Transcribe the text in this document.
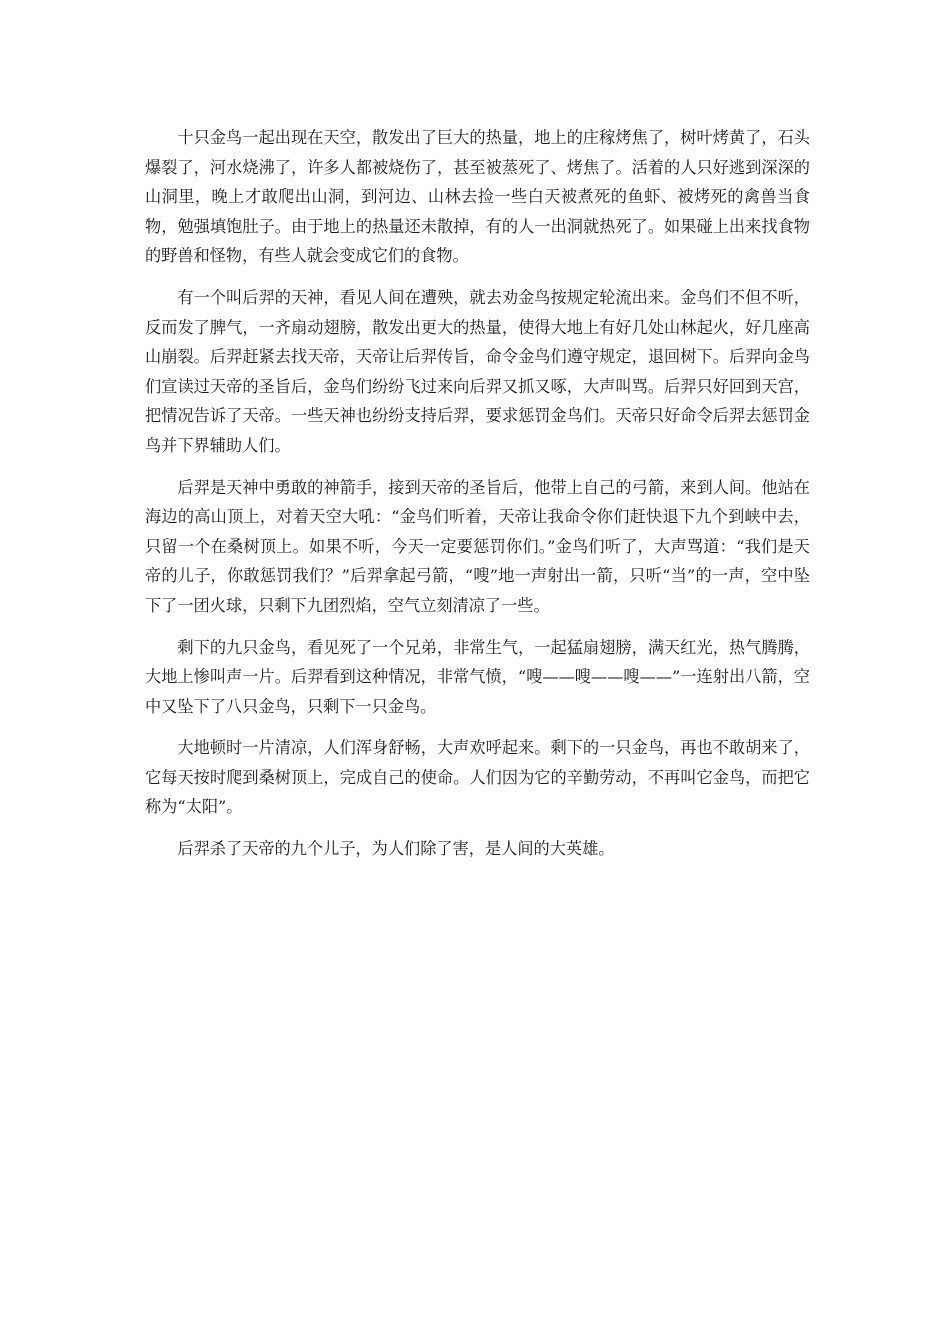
十只金鸟一起出现在天空，散发出了巨大的热量，地上的庄稼烤焦了，树叶烤黄了，石头爆裂了，河水烧沸了，许多人都被烧伤了，甚至被蒸死了、烤焦了。活着的人只好逃到深深的山洞里，晚上才敢爬出山洞，到河边、山林去捡一些白天被煮死的鱼虾、被烤死的禽兽当食物，勉强填饱肚子。由于地上的热量还未散掉，有的人一出洞就热死了。如果碰上出来找食物的野兽和怪物，有些人就会变成它们的食物。

有一个叫后羿的天神，看见人间在遭殃，就去劝金鸟按规定轮流出来。金鸟们不但不听，反而发了脾气，一齐扇动翅膀，散发出更大的热量，使得大地上有好几处山林起火，好几座高山崩裂。后羿赶紧去找天帝，天帝让后羿传旨，命令金鸟们遵守规定，退回树下。后羿向金鸟们宣读过天帝的圣旨后，金鸟们纷纷飞过来向后羿又抓又啄，大声叫骂。后羿只好回到天宫，把情况告诉了天帝。一些天神也纷纷支持后羿，要求惩罚金鸟们。天帝只好命令后羿去惩罚金鸟并下界辅助人们。

后羿是天神中勇敢的神箭手，接到天帝的圣旨后，他带上自己的弓箭，来到人间。他站在海边的高山顶上，对着天空大吼：“金鸟们听着，天帝让我命令你们赶快退下九个到峡中去，只留一个在桑树顶上。如果不听，今天一定要惩罚你们。”金鸟们听了，大声骂道：“我们是天帝的儿子，你敢惩罚我们？”后羿拿起弓箭，“嗖”地一声射出一箭，只听“当”的一声，空中坠下了一团火球，只剩下九团烈焰，空气立刻清凉了一些。

剩下的九只金鸟，看见死了一个兄弟，非常生气，一起猛扇翅膀，满天红光，热气腾腾，大地上惨叫声一片。后羿看到这种情况，非常气愤，“嗖——嗖——嗖——”一连射出八箭，空中又坠下了八只金鸟，只剩下一只金鸟。

大地顿时一片清凉，人们浑身舒畅，大声欢呼起来。剩下的一只金鸟，再也不敢胡来了，它每天按时爬到桑树顶上，完成自己的使命。人们因为它的辛勤劳动，不再叫它金鸟，而把它称为“太阳”。

后羿杀了天帝的九个儿子，为人们除了害，是人间的大英雄。
